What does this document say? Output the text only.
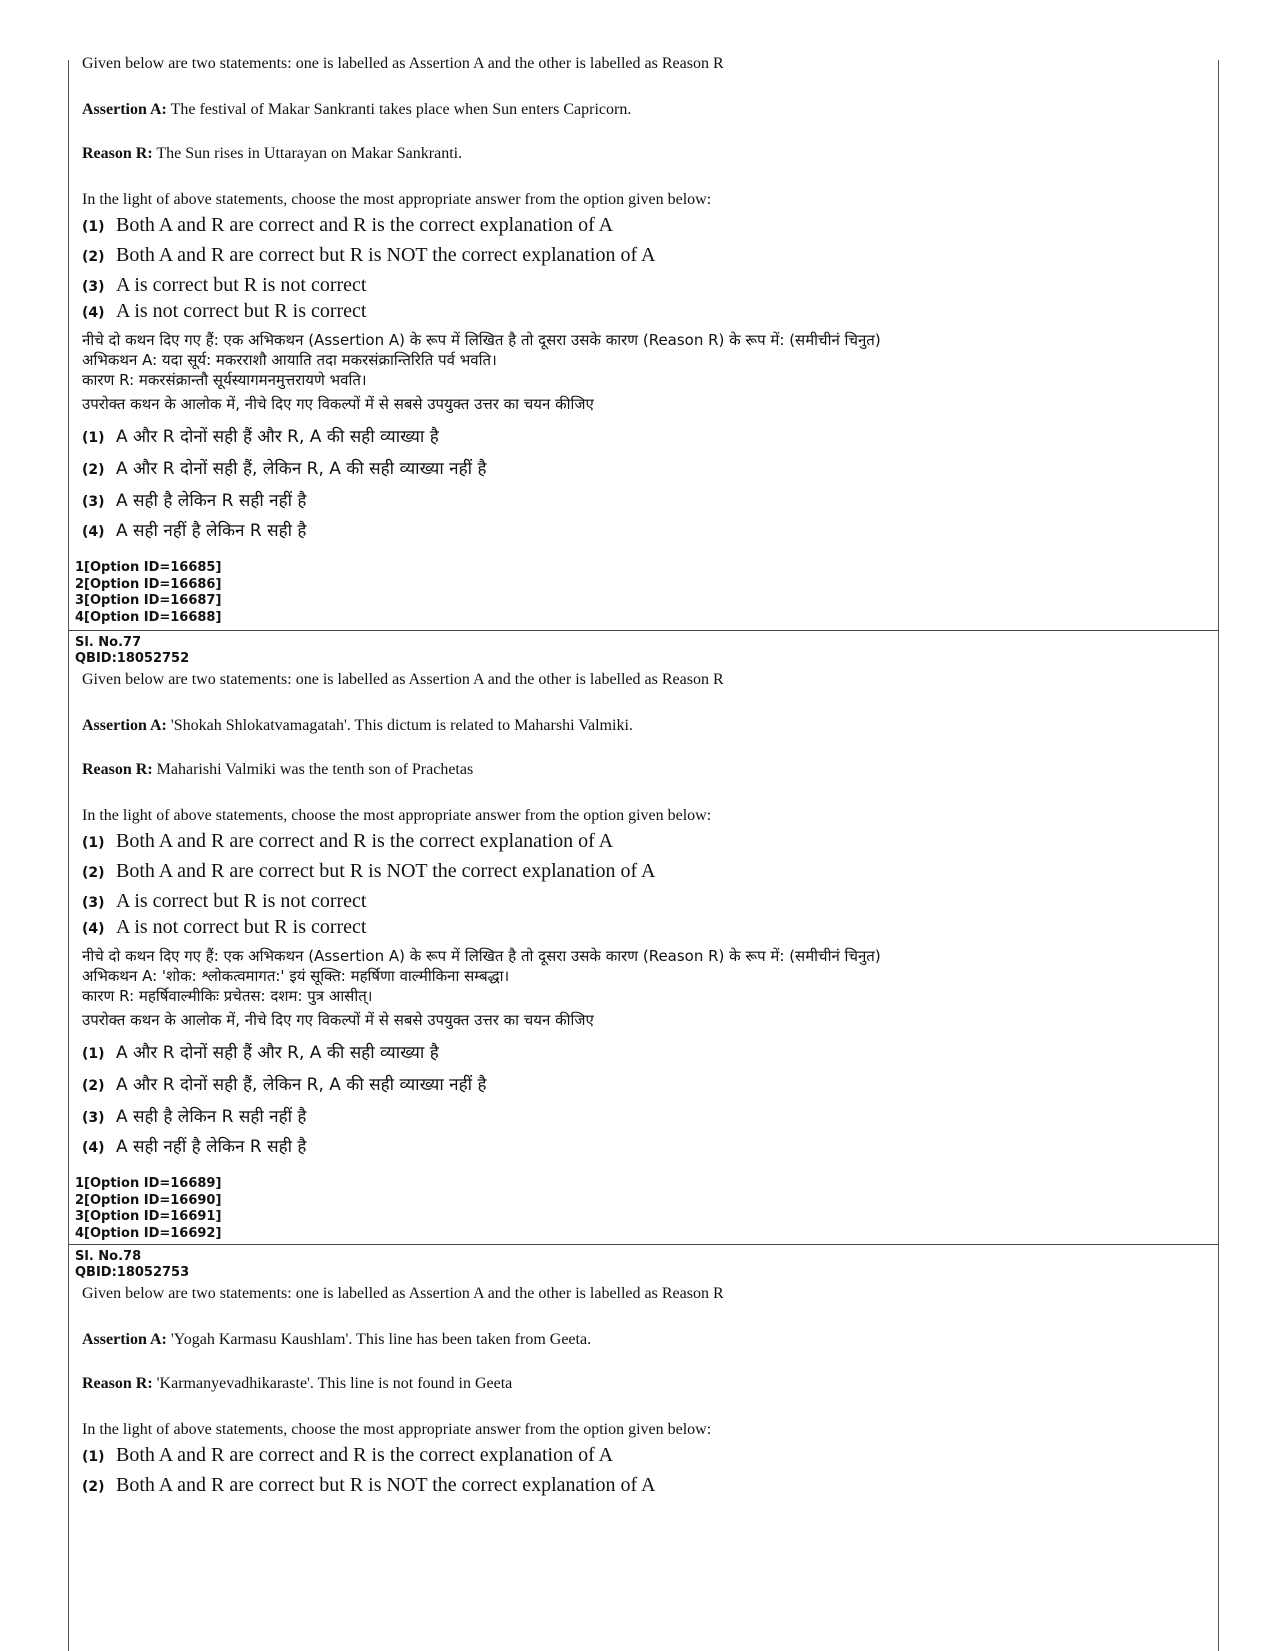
Given below are two statements: one is labelled as Assertion A and the other is labelled as Reason R
Assertion A: The festival of Makar Sankranti takes place when Sun enters Capricorn.
Reason R: The Sun rises in Uttarayan on Makar Sankranti.
In the light of above statements, choose the most appropriate answer from the option given below:
(1) Both A and R are correct and R is the correct explanation of A
(2) Both A and R are correct but R is NOT the correct explanation of A
(3) A is correct but R is not correct
(4) A is not correct but R is correct
नीचे दो कथन दिए गए हैं: एक अभिकथन (Assertion A) के रूप में लिखित है तो दूसरा उसके कारण (Reason R) के रूप में: (समीचीनं चिनुत)
अभिकथन A: यदा सूर्य: मकरराशौ आयाति तदा मकरसंक्रान्तिरिति पर्व भवति।
कारण R: मकरसंक्रान्तौ सूर्यस्यागमनमुत्तरायणे भवति।
उपरोक्त कथन के आलोक में, नीचे दिए गए विकल्पों में से सबसे उपयुक्त उत्तर का चयन कीजिए
(1) A और R दोनों सही हैं और R, A की सही व्याख्या है
(2) A और R दोनों सही हैं, लेकिन R, A की सही व्याख्या नहीं है
(3) A सही है लेकिन R सही नहीं है
(4) A सही नहीं है लेकिन R सही है
1[Option ID=16685]
2[Option ID=16686]
3[Option ID=16687]
4[Option ID=16688]
Sl. No.77
QBID:18052752
Given below are two statements: one is labelled as Assertion A and the other is labelled as Reason R
Assertion A: 'Shokah Shlokatvamagatah'. This dictum is related to Maharshi Valmiki.
Reason R: Maharishi Valmiki was the tenth son of Prachetas
In the light of above statements, choose the most appropriate answer from the option given below:
(1) Both A and R are correct and R is the correct explanation of A
(2) Both A and R are correct but R is NOT the correct explanation of A
(3) A is correct but R is not correct
(4) A is not correct but R is correct
नीचे दो कथन दिए गए हैं: एक अभिकथन (Assertion A) के रूप में लिखित है तो दूसरा उसके कारण (Reason R) के रूप में: (समीचीनं चिनुत)
अभिकथन A: 'शोक: श्लोकत्वमागत:' इयं सूक्ति: महर्षिणा वाल्मीकिना सम्बद्धा।
कारण R: महर्षिवाल्मीकिः प्रचेतस: दशम: पुत्र आसीत्।
उपरोक्त कथन के आलोक में, नीचे दिए गए विकल्पों में से सबसे उपयुक्त उत्तर का चयन कीजिए
(1) A और R दोनों सही हैं और R, A की सही व्याख्या है
(2) A और R दोनों सही हैं, लेकिन R, A की सही व्याख्या नहीं है
(3) A सही है लेकिन R सही नहीं है
(4) A सही नहीं है लेकिन R सही है
1[Option ID=16689]
2[Option ID=16690]
3[Option ID=16691]
4[Option ID=16692]
Sl. No.78
QBID:18052753
Given below are two statements: one is labelled as Assertion A and the other is labelled as Reason R
Assertion A: 'Yogah Karmasu Kaushlam'. This line has been taken from Geeta.
Reason R: 'Karmanyevadhikaraste'. This line is not found in Geeta
In the light of above statements, choose the most appropriate answer from the option given below:
(1) Both A and R are correct and R is the correct explanation of A
(2) Both A and R are correct but R is NOT the correct explanation of A
